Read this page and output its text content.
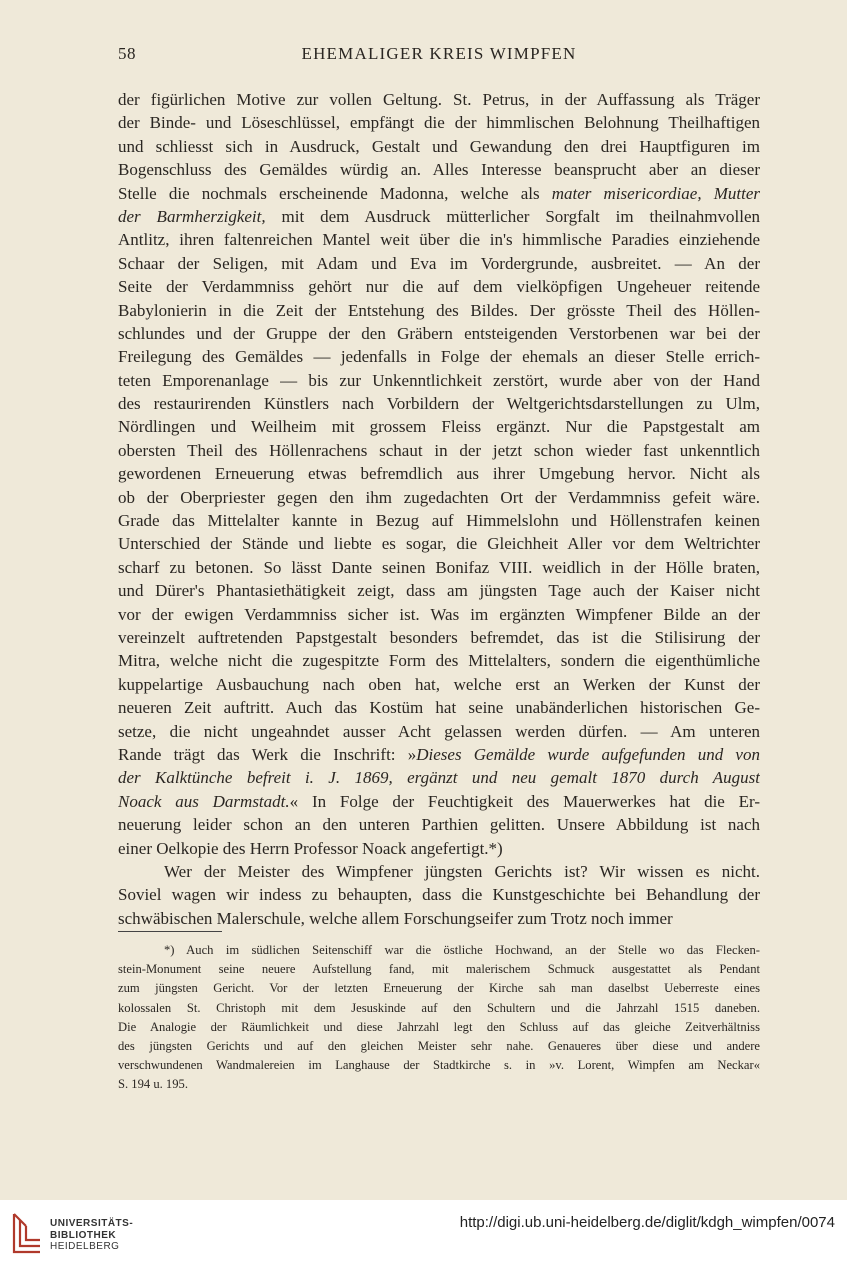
58	EHEMALIGER KREIS WIMPFEN
der figürlichen Motive zur vollen Geltung. St. Petrus, in der Auffassung als Träger
der Binde- und Löseschlüssel, empfängt die der himmlischen Belohnung Theilhaftigen
und schliesst sich in Ausdruck, Gestalt und Gewandung den drei Hauptfiguren im
Bogenschluss des Gemäldes würdig an. Alles Interesse beansprucht aber an dieser
Stelle die nochmals erscheinende Madonna, welche als mater misericordiae, Mutter
der Barmherzigkeit, mit dem Ausdruck mütterlicher Sorgfalt im theilnahmvollen
Antlitz, ihren faltenreichen Mantel weit über die in's himmlische Paradies einziehende
Schaar der Seligen, mit Adam und Eva im Vordergrunde, ausbreitet. — An der
Seite der Verdammniss gehört nur die auf dem vielköpfigen Ungeheuer reitende
Babylonierin in die Zeit der Entstehung des Bildes. Der grösste Theil des Höllen-
schlundes und der Gruppe der den Gräbern entsteigenden Verstorbenen war bei der
Freilegung des Gemäldes — jedenfalls in Folge der ehemals an dieser Stelle errich-
teten Emporenanlage — bis zur Unkenntlichkeit zerstört, wurde aber von der Hand
des restaurirenden Künstlers nach Vorbildern der Weltgerichtsdarstellungen zu Ulm,
Nördlingen und Weilheim mit grossem Fleiss ergänzt. Nur die Papstgestalt am
obersten Theil des Höllenrachens schaut in der jetzt schon wieder fast unkenntlich
gewordenen Erneuerung etwas befremdlich aus ihrer Umgebung hervor. Nicht als
ob der Oberpriester gegen den ihm zugedachten Ort der Verdammniss gefeit wäre.
Grade das Mittelalter kannte in Bezug auf Himmelslohn und Höllenstrafen keinen
Unterschied der Stände und liebte es sogar, die Gleichheit Aller vor dem Weltrichter
scharf zu betonen. So lässt Dante seinen Bonifaz VIII. weidlich in der Hölle braten,
und Dürer's Phantasiethätigkeit zeigt, dass am jüngsten Tage auch der Kaiser nicht
vor der ewigen Verdammniss sicher ist. Was im ergänzten Wimpfener Bilde an der
vereinzelt auftretenden Papstgestalt besonders befremdet, das ist die Stilisirung der
Mitra, welche nicht die zugespitzte Form des Mittelalters, sondern die eigenthümliche
kuppelartige Ausbauchung nach oben hat, welche erst an Werken der Kunst der
neueren Zeit auftritt. Auch das Kostüm hat seine unabänderlichen historischen Ge-
setze, die nicht ungeahndet ausser Acht gelassen werden dürfen. — Am unteren
Rande trägt das Werk die Inschrift: »Dieses Gemälde wurde aufgefunden und von
der Kalktünche befreit i. J. 1869, ergänzt und neu gemalt 1870 durch August
Noack aus Darmstadt.« In Folge der Feuchtigkeit des Mauerwerkes hat die Er-
neuerung leider schon an den unteren Parthien gelitten. Unsere Abbildung ist nach
einer Oelkopie des Herrn Professor Noack angefertigt.*)
Wer der Meister des Wimpfener jüngsten Gerichts ist? Wir wissen es nicht.
Soviel wagen wir indess zu behaupten, dass die Kunstgeschichte bei Behandlung der
schwäbischen Malerschule, welche allem Forschungseifer zum Trotz noch immer
*) Auch im südlichen Seitenschiff war die östliche Hochwand, an der Stelle wo das Flecken-
stein-Monument seine neuere Aufstellung fand, mit malerischem Schmuck ausgestattet als Pendant
zum jüngsten Gericht. Vor der letzten Erneuerung der Kirche sah man daselbst Ueberreste eines
kolossalen St. Christoph mit dem Jesuskinde auf den Schultern und die Jahrzahl 1515 daneben.
Die Analogie der Räumlichkeit und diese Jahrzahl legt den Schluss auf das gleiche Zeitverhältniss
des jüngsten Gerichts und auf den gleichen Meister sehr nahe. Genaueres über diese und andere
verschwundenen Wandmalereien im Langhause der Stadtkirche s. in »v. Lorent, Wimpfen am Neckar«
S. 194 u. 195.
UNIVERSITÄTS-
BIBLIOTHEK
HEIDELBERG
http://digi.ub.uni-heidelberg.de/diglit/kdgh_wimpfen/0074
